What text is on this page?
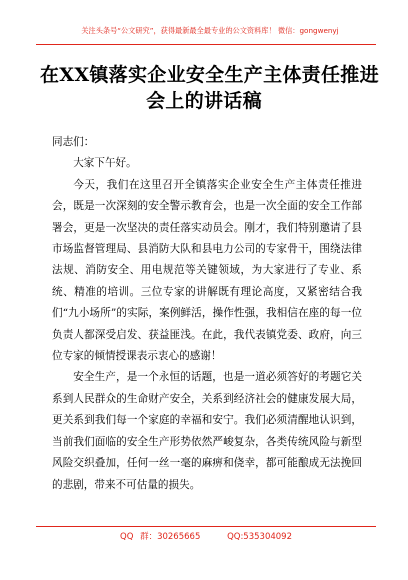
关注头条号“公文研究”，获得最新最全最专业的公文资料库！ 微信：gongwenyj
在XX镇落实企业安全生产主体责任推进
会上的讲话稿
同志们：

大家下午好。

今天，我们在这里召开全镇落实企业安全生产主体责任推进会，既是一次深刻的安全警示教育会，也是一次全面的安全工作部署会，更是一次坚决的责任落实动员会。刚才，我们特别邀请了县市场监督管理局、县消防大队和县电力公司的专家骨干，围绕法律法规、消防安全、用电规范等关键领域，为大家进行了专业、系统、精准的培训。三位专家的讲解既有理论高度，又紧密结合我们“九小场所”的实际，案例鲜活，操作性强，我相信在座的每一位负责人都深受启发、获益匪浅。在此，我代表镇党委、政府，向三位专家的倾情授课表示衷心的感谢！

安全生产，是一个永恒的话题，也是一道必须答好的考题它关系到人民群众的生命财产安全，关系到经济社会的健康发展大局，更关系到我们每一个家庭的幸福和安宁。我们必须清醒地认识到，当前我们面临的安全生产形势依然严峻复杂，各类传统风险与新型风险交织叠加，任何一丝一毫的麻痹和侥幸，都可能酿成无法挽回的悲剧，带来不可估量的损失。

QQ 群：30265665	QQ:535304092
